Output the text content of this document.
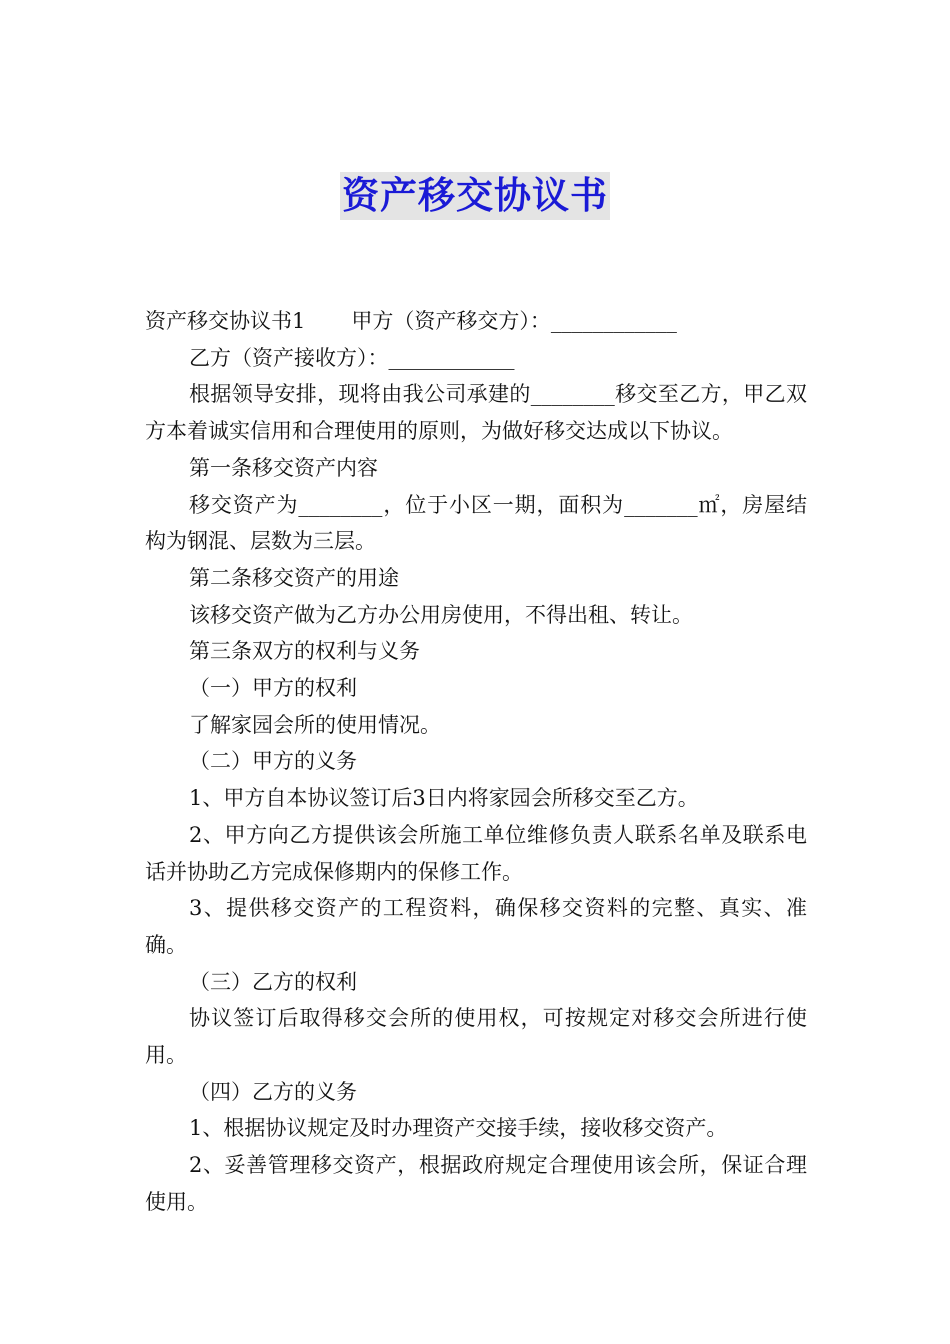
资产移交协议书

资产移交协议书1 甲方（资产移交方）：____________

乙方（资产接收方）：____________

根据领导安排，现将由我公司承建的________移交至乙方，甲乙双方本着诚实信用和合理使用的原则，为做好移交达成以下协议。

第一条移交资产内容

移交资产为________，位于小区一期，面积为_______㎡，房屋结构为钢混、层数为三层。

第二条移交资产的用途

该移交资产做为乙方办公用房使用，不得出租、转让。

第三条双方的权利与义务

（一）甲方的权利

了解家园会所的使用情况。

（二）甲方的义务

1、甲方自本协议签订后3日内将家园会所移交至乙方。

2、甲方向乙方提供该会所施工单位维修负责人联系名单及联系电话并协助乙方完成保修期内的保修工作。

3、提供移交资产的工程资料，确保移交资料的完整、真实、准确。

（三）乙方的权利

协议签订后取得移交会所的使用权，可按规定对移交会所进行使用。

（四）乙方的义务

1、根据协议规定及时办理资产交接手续，接收移交资产。

2、妥善管理移交资产，根据政府规定合理使用该会所，保证合理使用。
